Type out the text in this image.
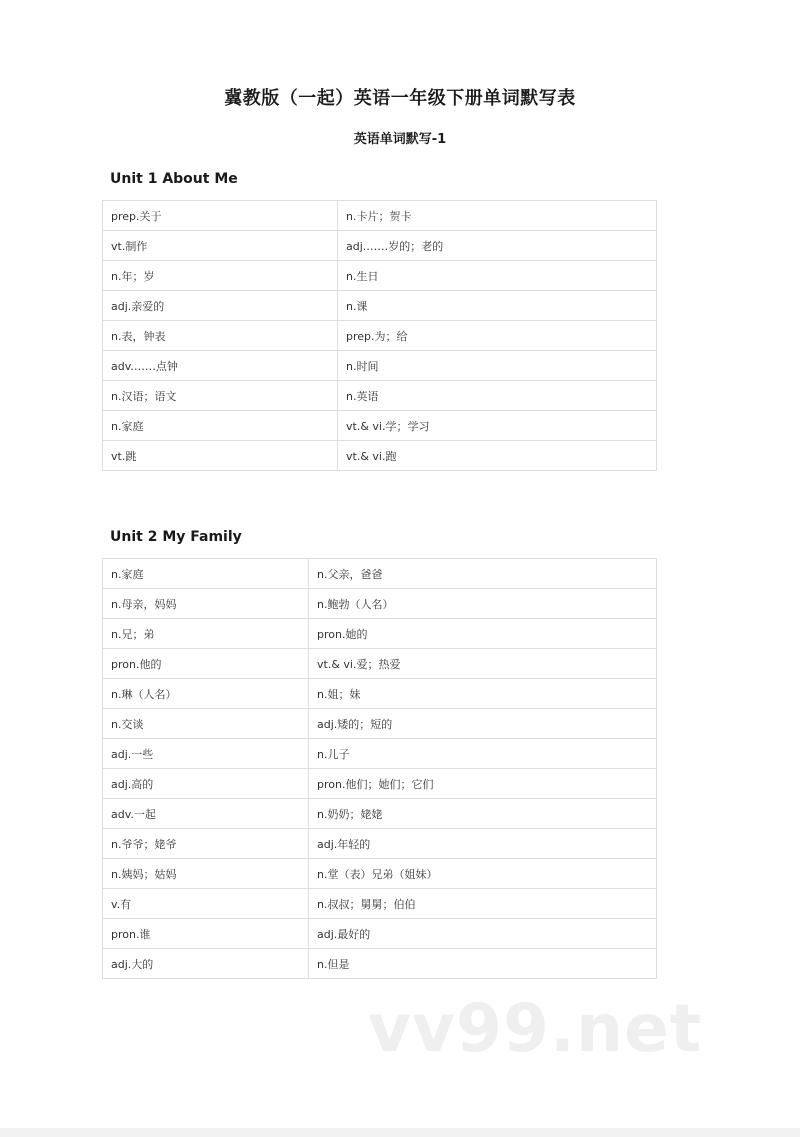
冀教版（一起）英语一年级下册单词默写表
英语单词默写-1
Unit 1 About Me
prep.关于	n.卡片；贺卡
vt.制作	adj.……岁的；老的
n.年；岁	n.生日
adj.亲爱的	n.课
n.表，钟表	prep.为；给
adv.……点钟	n.时间
n.汉语；语文	n.英语
n.家庭	vt.& vi.学；学习
vt.跳	vt.& vi.跑
Unit 2 My Family
n.家庭	n.父亲，爸爸
n.母亲，妈妈	n.鲍勃（人名）
n.兄；弟	pron.她的
pron.他的	vt.& vi.爱；热爱
n.琳（人名）	n.姐；妹
n.交谈	adj.矮的；短的
adj.一些	n.儿子
adj.高的	pron.他们；她们；它们
adv.一起	n.奶奶；姥姥
n.爷爷；姥爷	adj.年轻的
n.姨妈；姑妈	n.堂（表）兄弟（姐妹）
v.有	n.叔叔；舅舅；伯伯
pron.谁	adj.最好的
adj.大的	n.但是
vv99.net
